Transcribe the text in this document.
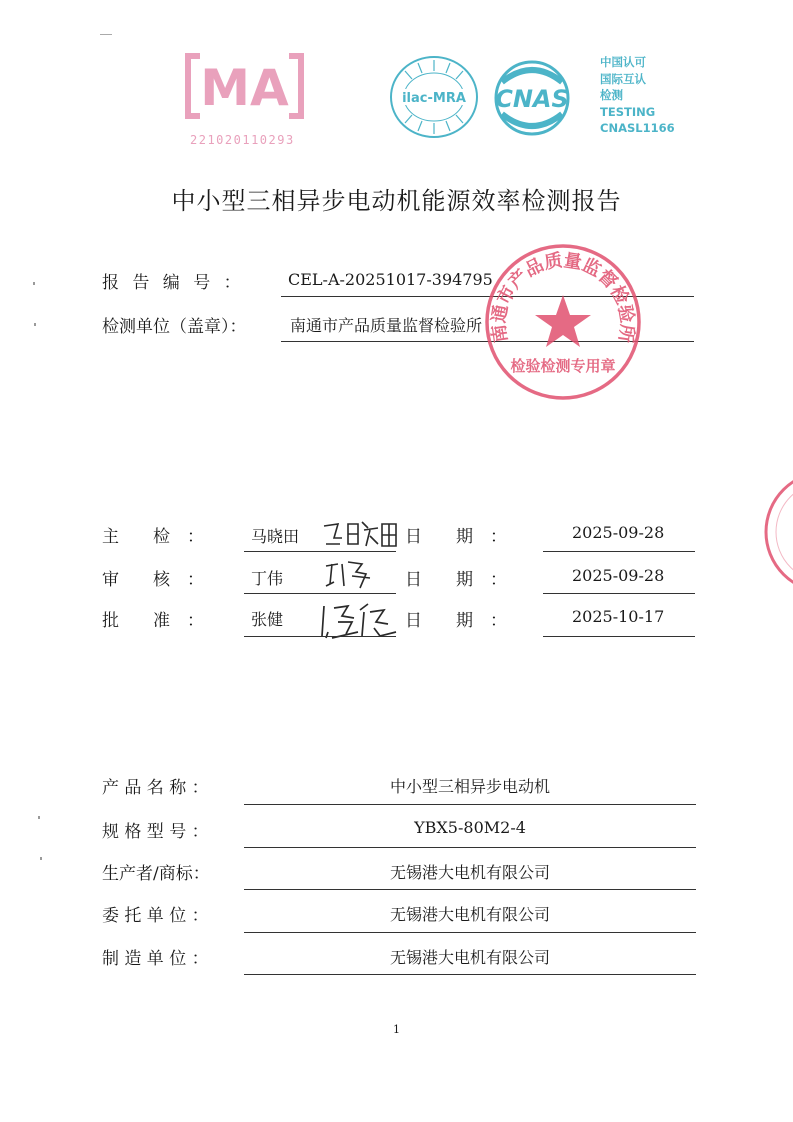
MA
221020110293
ilac-MRA CNAS
中国认可
国际互认
检测
TESTING
CNASL1166
中小型三相异步电动机能源效率检测报告
报 告 编 号 ：	CEL-A-20251017-394795
检测单位（盖章）：	南通市产品质量监督检验所 南通市产品质量监督检验所
检验检测专用章
主　　检　：	马晓田	日　　期　：	2025-09-28
审　　核　：	丁伟	日　　期　：	2025-09-28
批　　准　：	张健	日　　期　：	2025-10-17
产 品 名 称 ：	中小型三相异步电动机
规 格 型 号 ：	YBX5-80M2-4
生产者/商标：	无锡港大电机有限公司
委 托 单 位 ：	无锡港大电机有限公司
制 造 单 位 ：	无锡港大电机有限公司
1
